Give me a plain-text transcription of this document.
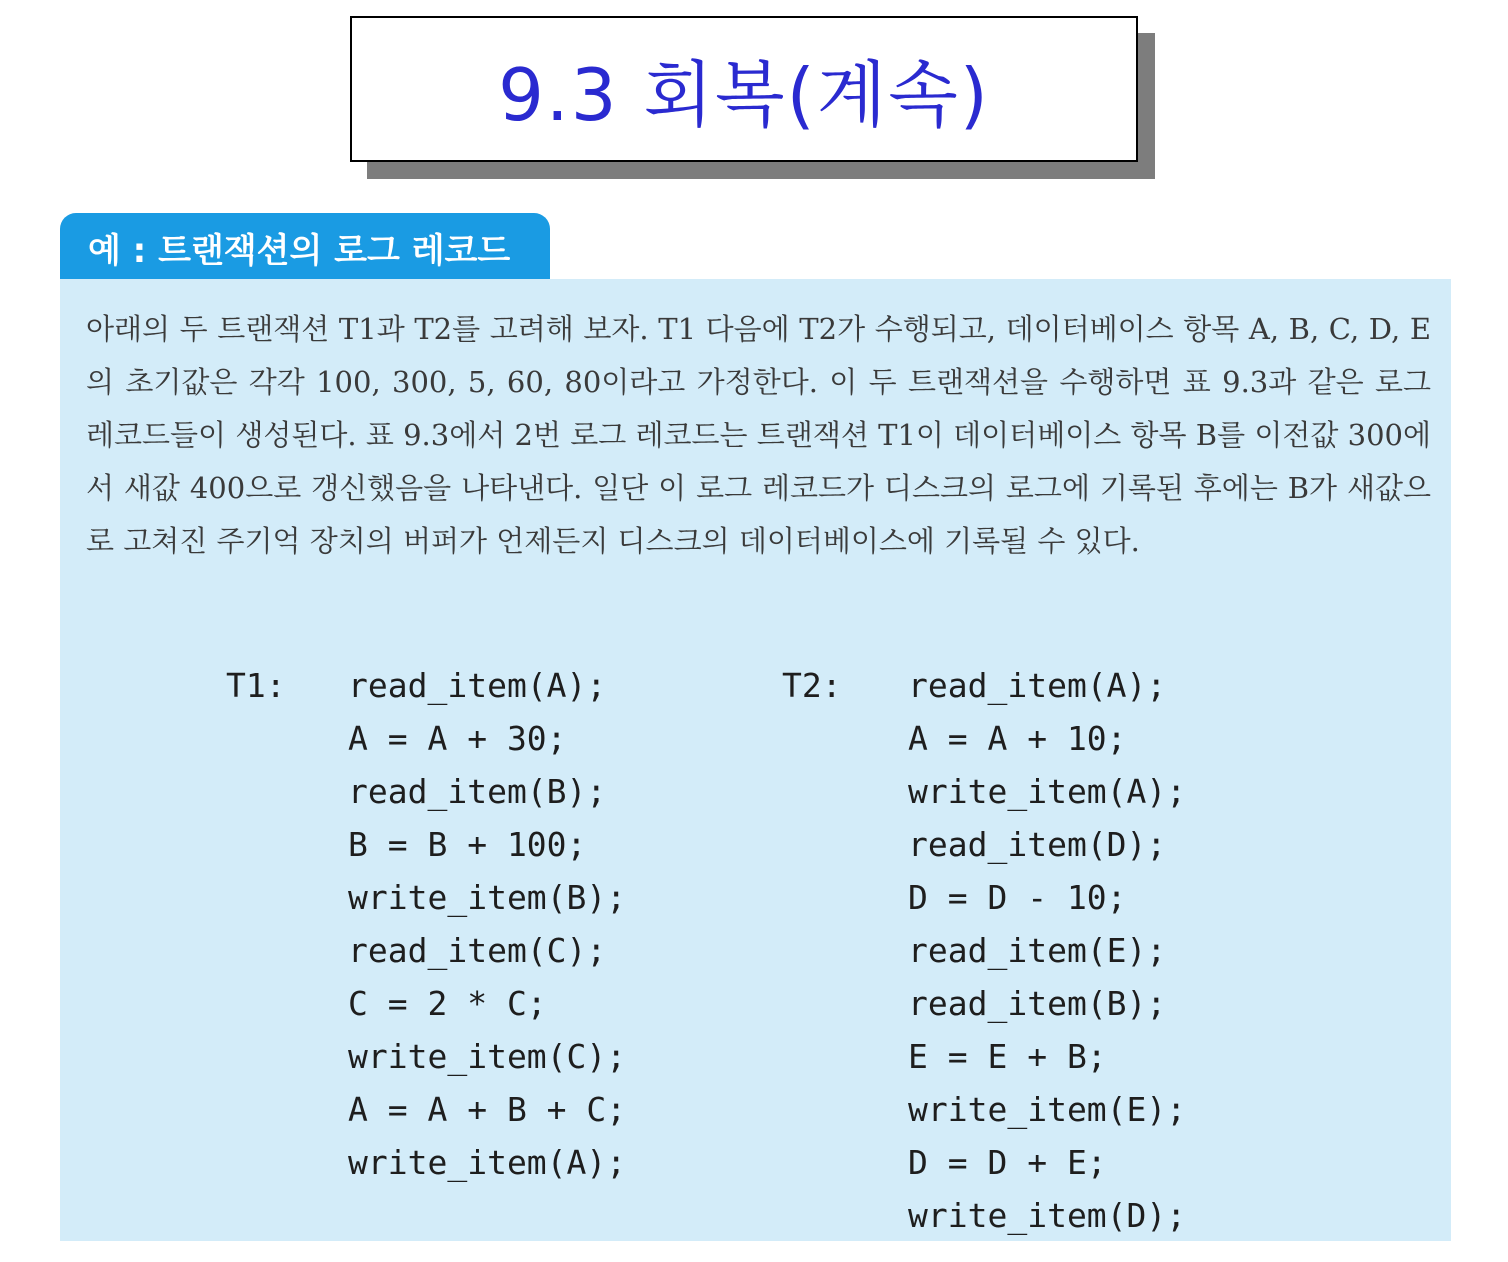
9.3 회복(계속)
예 : 트랜잭션의 로그 레코드

아래의 두 트랜잭션 T1과 T2를 고려해 보자. T1 다음에 T2가 수행되고, 데이터베이스 항목 A, B, C, D, E의 초기값은 각각 100, 300, 5, 60, 80이라고 가정한다. 이 두 트랜잭션을 수행하면 표 9.3과 같은 로그 레코드들이 생성된다. 표 9.3에서 2번 로그 레코드는 트랜잭션 T1이 데이터베이스 항목 B를 이전값 300에서 새값 400으로 갱신했음을 나타낸다. 일단 이 로그 레코드가 디스크의 로그에 기록된 후에는 B가 새값으로 고쳐진 주기억 장치의 버퍼가 언제든지 디스크의 데이터베이스에 기록될 수 있다.

T1: read_item(A);
A = A + 30;
read_item(B);
B = B + 100;
write_item(B);
read_item(C);
C = 2 * C;
write_item(C);
A = A + B + C;
write_item(A);
T2: read_item(A);
A = A + 10;
write_item(A);
read_item(D);
D = D - 10;
read_item(E);
read_item(B);
E = E + B;
write_item(E);
D = D + E;
write_item(D);
